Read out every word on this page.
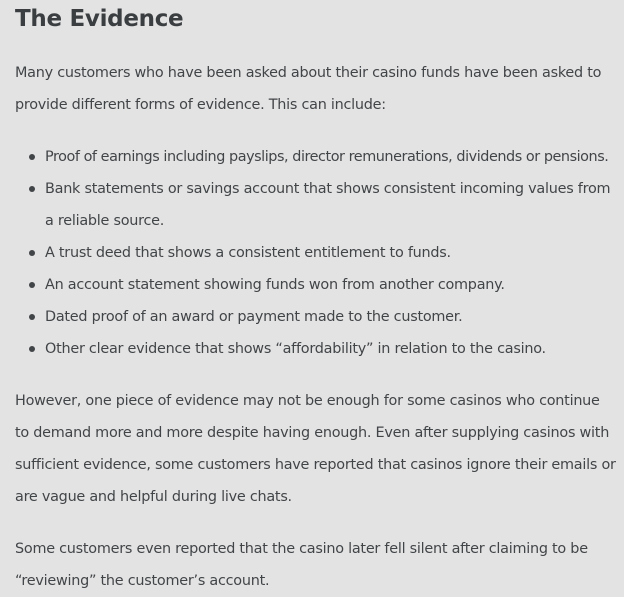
The Evidence

Many customers who have been asked about their casino funds have been asked to provide different forms of evidence. This can include:

Proof of earnings including payslips, director remunerations, dividends or pensions.
Bank statements or savings account that shows consistent incoming values from a reliable source.
A trust deed that shows a consistent entitlement to funds.
An account statement showing funds won from another company.
Dated proof of an award or payment made to the customer.
Other clear evidence that shows “affordability” in relation to the casino.

However, one piece of evidence may not be enough for some casinos who continue to demand more and more despite having enough. Even after supplying casinos with sufficient evidence, some customers have reported that casinos ignore their emails or are vague and helpful during live chats.

Some customers even reported that the casino later fell silent after claiming to be “reviewing” the customer’s account.
